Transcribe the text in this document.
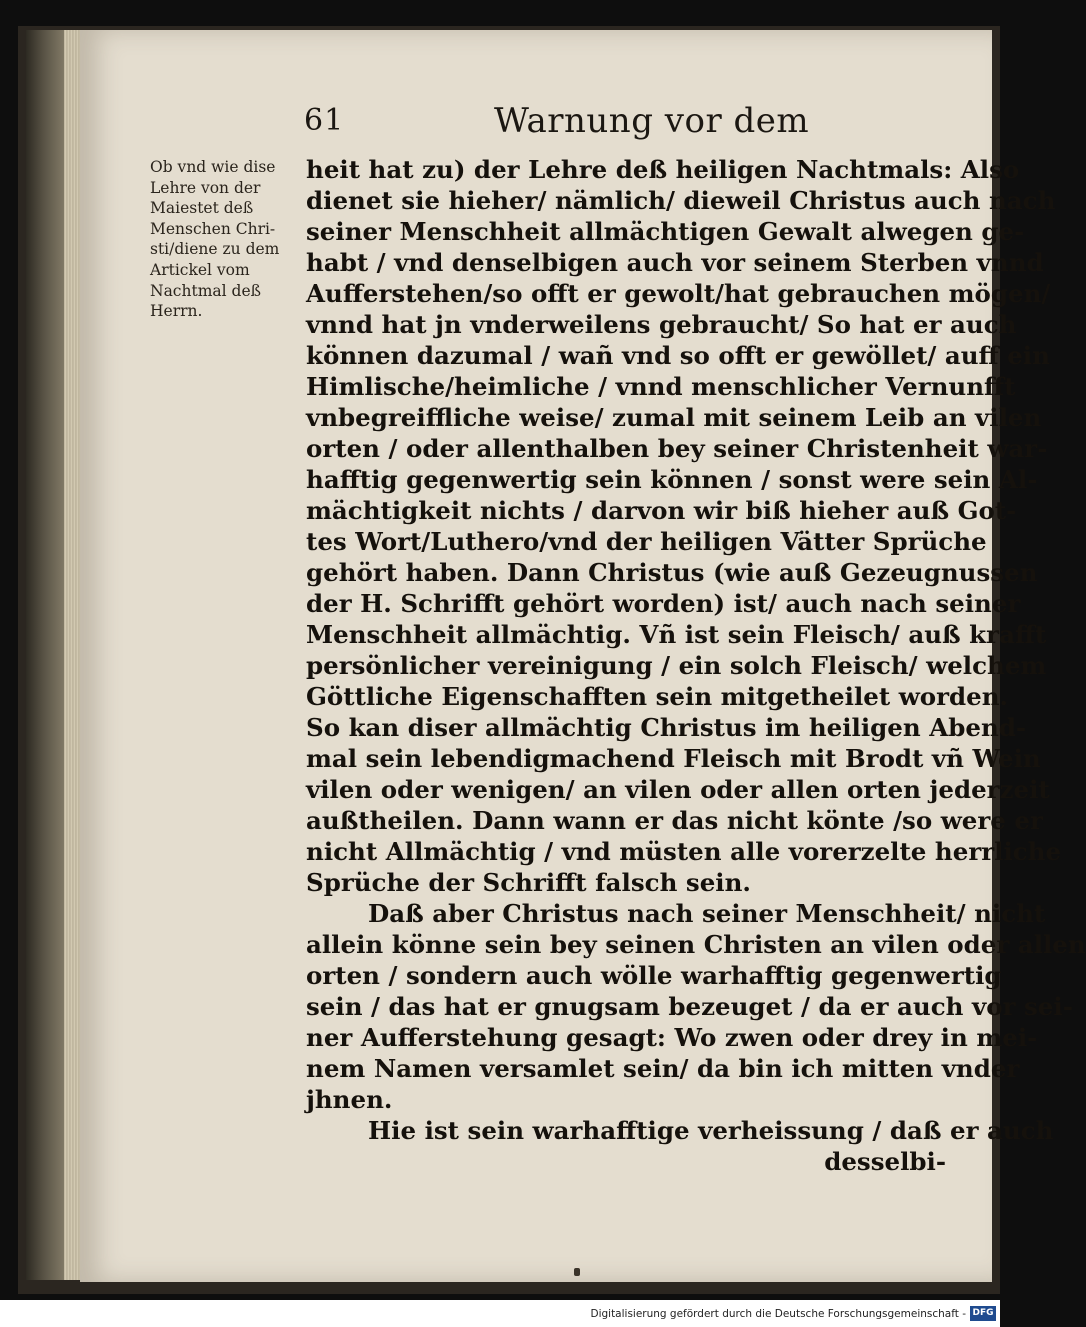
61	Warnung vor dem
Ob vnd wie dise
Lehre von der
Maiestet deß
Menschen Chri-
sti/diene zu dem
Artickel vom
Nachtmal deß
Herrn.
heit hat zu) der Lehre deß heiligen Nachtmals: Also
dienet sie hieher/ nämlich/ dieweil Christus auch nach
seiner Menschheit allmächtigen Gewalt alwegen ge-
habt / vnd denselbigen auch vor seinem Sterben vnnd
Aufferstehen/so offt er gewolt/hat gebrauchen mögen/
vnnd hat jn vnderweilens gebraucht/ So hat er auch
können dazumal / wañ vnd so offt er gewöllet/ auff ein
Himlische/heimliche / vnnd menschlicher Vernunfft
vnbegreiffliche weise/ zumal mit seinem Leib an vilen
orten / oder allenthalben bey seiner Christenheit war-
hafftig gegenwertig sein können / sonst were sein Al-
mächtigkeit nichts / darvon wir biß hieher auß Got-
tes Wort/Luthero/vnd der heiligen Vätter Sprüche
gehört haben. Dann Christus (wie auß Gezeugnussen
der H. Schrifft gehört worden) ist/ auch nach seiner
Menschheit allmächtig. Vñ ist sein Fleisch/ auß krafft
persönlicher vereinigung / ein solch Fleisch/ welchem
Göttliche Eigenschafften sein mitgetheilet worden.
So kan diser allmächtig Christus im heiligen Abend-
mal sein lebendigmachend Fleisch mit Brodt vñ Wein
vilen oder wenigen/ an vilen oder allen orten jederzeit
außtheilen. Dann wann er das nicht könte /so were er
nicht Allmächtig / vnd müsten alle vorerzelte herrliche
Sprüche der Schrifft falsch sein.
Daß aber Christus nach seiner Menschheit/ nicht
allein könne sein bey seinen Christen an vilen oder allen
orten / sondern auch wölle warhafftig gegenwertig
sein / das hat er gnugsam bezeuget / da er auch vor sei-
ner Aufferstehung gesagt: Wo zwen oder drey in mei-
nem Namen versamlet sein/ da bin ich mitten vnder
jhnen.
Hie ist sein warhafftige verheissung / daß er auch
desselbi-
Digitalisierung gefördert durch die Deutsche Forschungsgemeinschaft - DFG
